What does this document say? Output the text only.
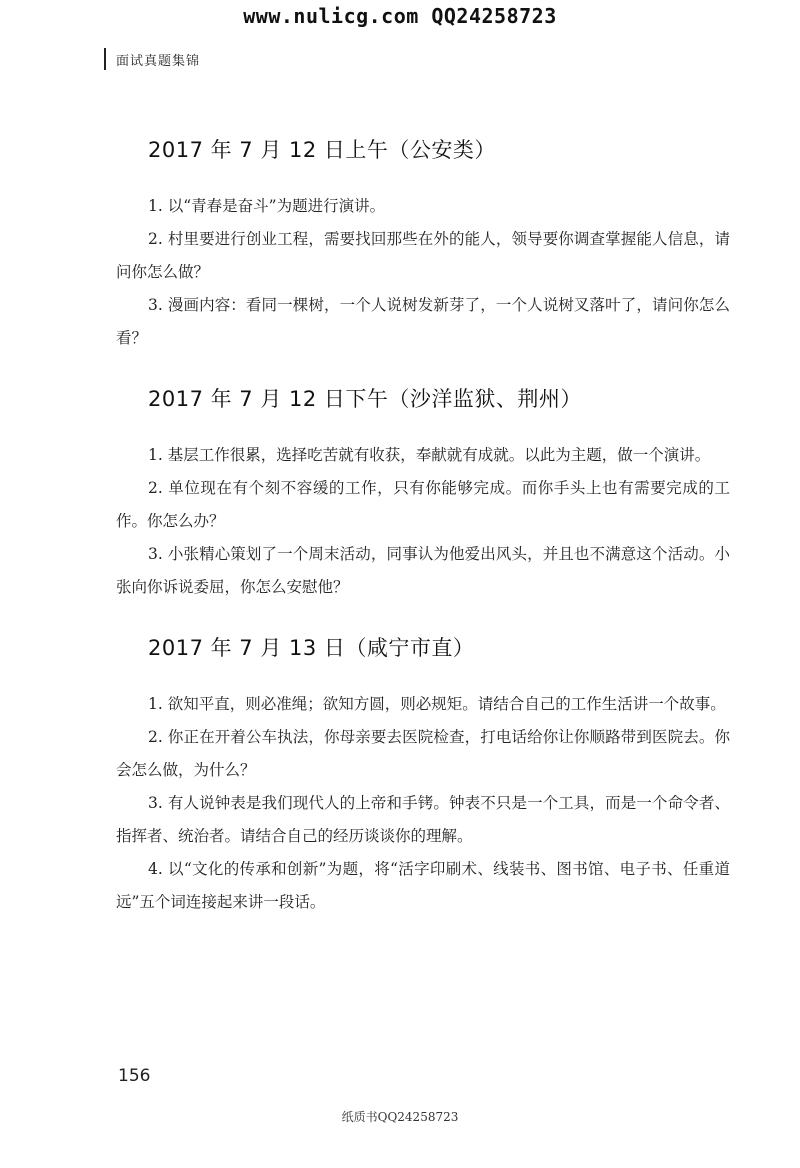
www.nulicg.com QQ24258723
面试真题集锦
2017 年 7 月 12 日上午（公安类）

1. 以“青春是奋斗”为题进行演讲。

2. 村里要进行创业工程，需要找回那些在外的能人，领导要你调查掌握能人信息，请问你怎么做？

3. 漫画内容：看同一棵树，一个人说树发新芽了，一个人说树叉落叶了，请问你怎么看？

2017 年 7 月 12 日下午（沙洋监狱、荆州）

1. 基层工作很累，选择吃苦就有收获，奉献就有成就。以此为主题，做一个演讲。

2. 单位现在有个刻不容缓的工作，只有你能够完成。而你手头上也有需要完成的工作。你怎么办？

3. 小张精心策划了一个周末活动，同事认为他爱出风头，并且也不满意这个活动。小张向你诉说委屈，你怎么安慰他？

2017 年 7 月 13 日（咸宁市直）

1. 欲知平直，则必准绳；欲知方圆，则必规矩。请结合自己的工作生活讲一个故事。

2. 你正在开着公车执法，你母亲要去医院检查，打电话给你让你顺路带到医院去。你会怎么做，为什么？

3. 有人说钟表是我们现代人的上帝和手铐。钟表不只是一个工具，而是一个命令者、指挥者、统治者。请结合自己的经历谈谈你的理解。

4. 以“文化的传承和创新”为题，将“活字印刷术、线装书、图书馆、电子书、任重道远”五个词连接起来讲一段话。

156
纸质书QQ24258723
